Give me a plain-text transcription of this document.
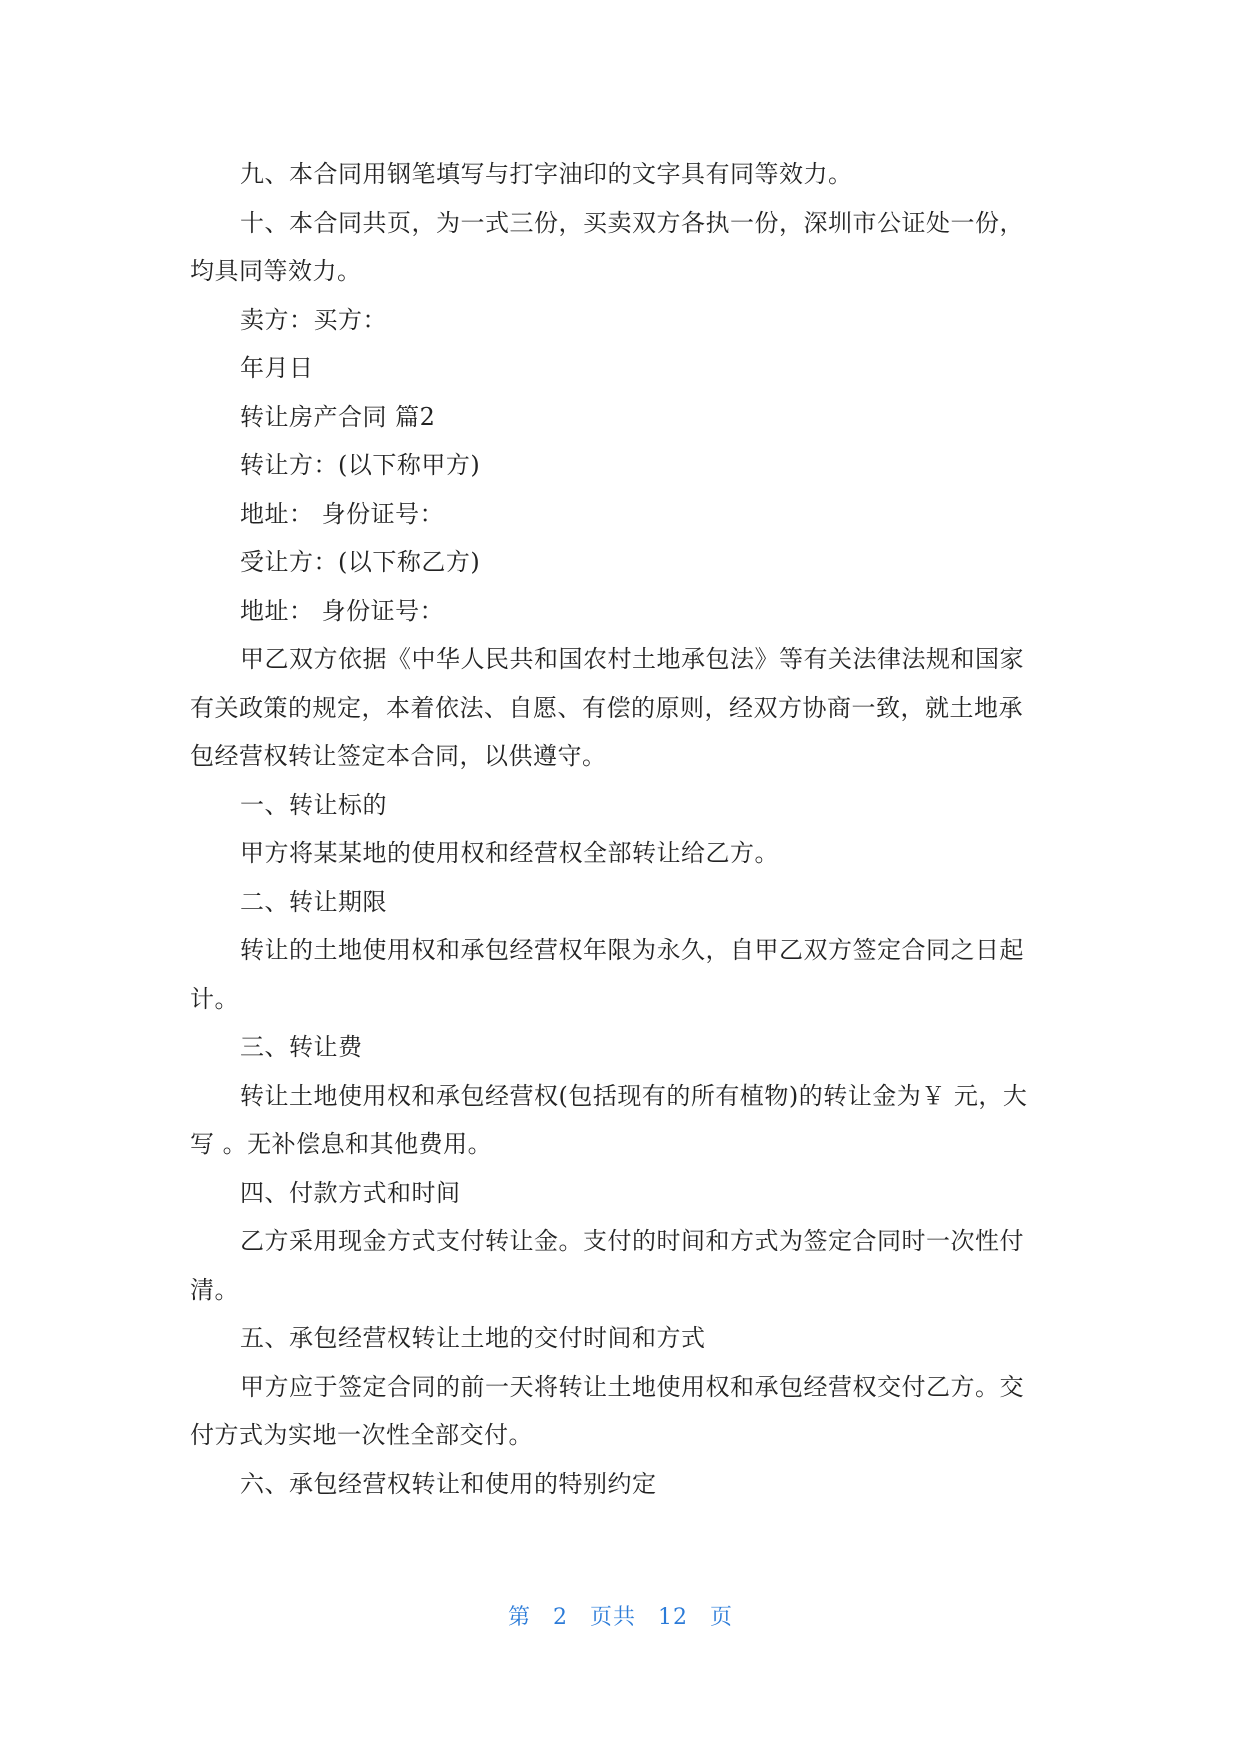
九、本合同用钢笔填写与打字油印的文字具有同等效力。
十、本合同共页，为一式三份，买卖双方各执一份，深圳市公证处一份，
均具同等效力。
卖方：买方：
年月日
转让房产合同 篇2
转让方：(以下称甲方)
地址： 身份证号：
受让方：(以下称乙方)
地址： 身份证号：
甲乙双方依据《中华人民共和国农村土地承包法》等有关法律法规和国家
有关政策的规定，本着依法、自愿、有偿的原则，经双方协商一致，就土地承
包经营权转让签定本合同，以供遵守。
一、转让标的
甲方将某某地的使用权和经营权全部转让给乙方。
二、转让期限
转让的土地使用权和承包经营权年限为永久，自甲乙双方签定合同之日起
计。
三、转让费
转让土地使用权和承包经营权(包括现有的所有植物)的转让金为￥ 元，大
写 。无补偿息和其他费用。
四、付款方式和时间
乙方采用现金方式支付转让金。支付的时间和方式为签定合同时一次性付
清。
五、承包经营权转让土地的交付时间和方式
甲方应于签定合同的前一天将转让土地使用权和承包经营权交付乙方。交
付方式为实地一次性全部交付。
六、承包经营权转让和使用的特别约定
第 2 页共 12 页
